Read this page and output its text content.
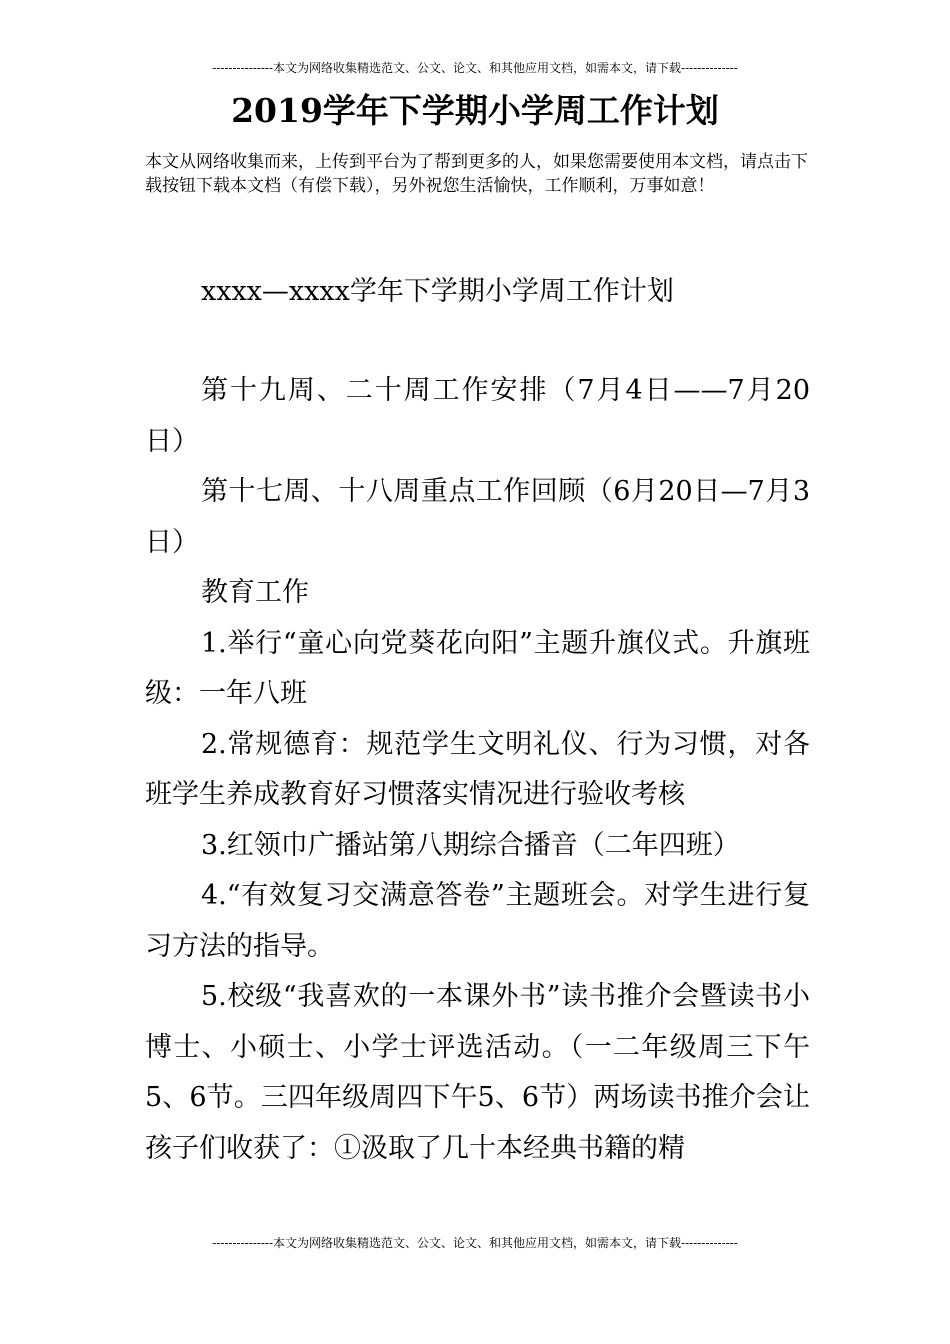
---------------本文为网络收集精选范文、公文、论文、和其他应用文档，如需本文，请下载--------------
2019学年下学期小学周工作计划
本文从网络收集而来，上传到平台为了帮到更多的人，如果您需要使用本文档，请点击下载按钮下载本文档（有偿下载），另外祝您生活愉快，工作顺利，万事如意！
xxxx—xxxx学年下学期小学周工作计划

第十九周、二十周工作安排（7月4日——7月20日）

第十七周、十八周重点工作回顾（6月20日—7月3日）

教育工作

1.举行“童心向党葵花向阳”主题升旗仪式。升旗班级：一年八班

2.常规德育：规范学生文明礼仪、行为习惯，对各班学生养成教育好习惯落实情况进行验收考核

3.红领巾广播站第八期综合播音（二年四班）

4.“有效复习交满意答卷”主题班会。对学生进行复习方法的指导。

5.校级“我喜欢的一本课外书”读书推介会暨读书小博士、小硕士、小学士评选活动。（一二年级周三下午5、6节。三四年级周四下午5、6节）两场读书推介会让孩子们收获了：①汲取了几十本经典书籍的精

---------------本文为网络收集精选范文、公文、论文、和其他应用文档，如需本文，请下载--------------
